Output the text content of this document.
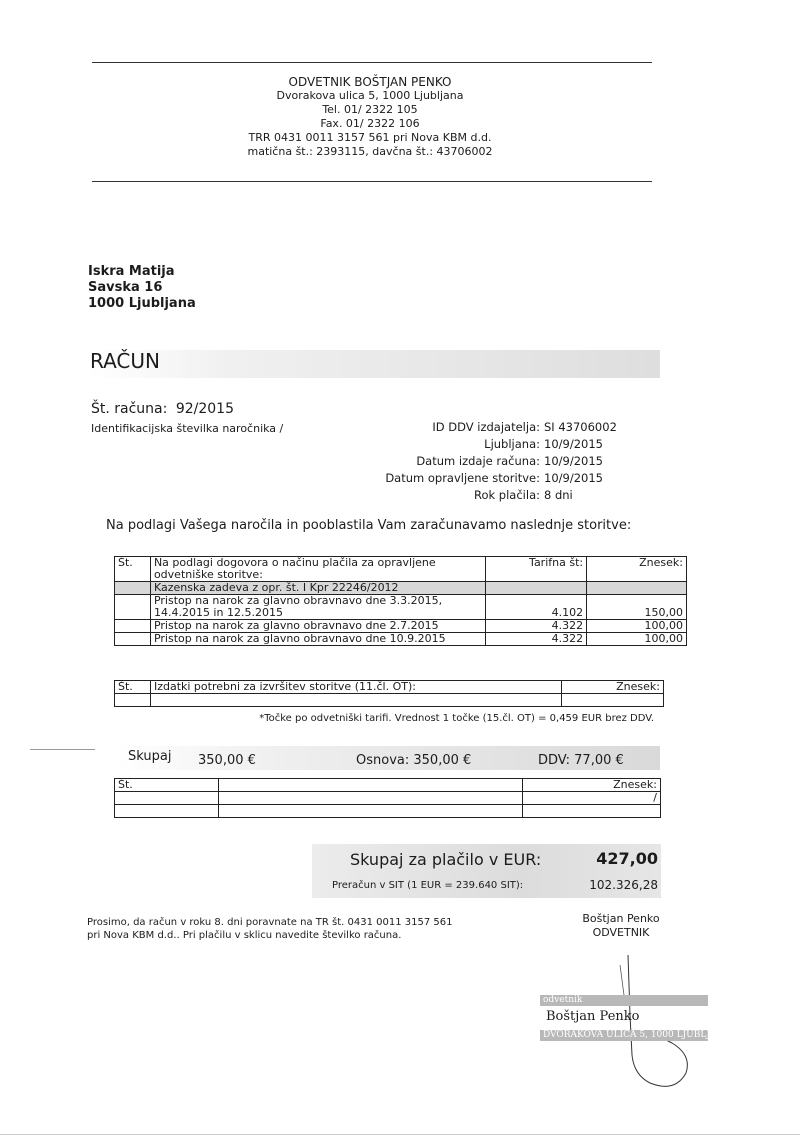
ODVETNIK BOŠTJAN PENKO
Dvorakova ulica 5, 1000 Ljubljana
Tel. 01/ 2322 105
Fax. 01/ 2322 106
TRR 0431 0011 3157 561 pri Nova KBM d.d.
matična št.: 2393115, davčna št.: 43706002
Iskra Matija
Savska 16
1000 Ljubljana
RAČUN
Št. računa: 92/2015
Identifikacijska številka naročnika /	ID DDV izdajatelja: SI 43706002
Ljubljana: 10/9/2015
Datum izdaje računa: 10/9/2015
Datum opravljene storitve: 10/9/2015
Rok plačila: 8 dni
Na podlagi Vašega naročila in pooblastila Vam zaračunavamo naslednje storitve:
Št.	Na podlagi dogovora o načinu plačila za opravljene odvetniške storitve:	Tarifna št:	Znesek:
	Kazenska zadeva z opr. št. I Kpr 22246/2012		
	Pristop na narok za glavno obravnavo dne 3.3.2015, 14.4.2015 in 12.5.2015	4.102	150,00
	Pristop na narok za glavno obravnavo dne 2.7.2015	4.322	100,00
	Pristop na narok za glavno obravnavo dne 10.9.2015	4.322	100,00
Št.	Izdatki potrebni za izvršitev storitve (11.čl. OT):	Znesek:

*Točke po odvetniški tarifi. Vrednost 1 točke (15.čl. OT) = 0,459 EUR brez DDV.
Skupaj 350,00 €	Osnova: 350,00 €	DDV: 77,00 €
Št.		Znesek:
		/

Skupaj za plačilo v EUR:	427,00
Preračun v SIT (1 EUR = 239.640 SIT):	102.326,28
Prosimo, da račun v roku 8. dni poravnate na TR št. 0431 0011 3157 561
pri Nova KBM d.d.. Pri plačilu v sklicu navedite številko računa.
Boštjan Penko
ODVETNIK
odvetnik
Boštjan Penko
DVORAKOVA ULICA 5, 1000 LJUBLJANA
